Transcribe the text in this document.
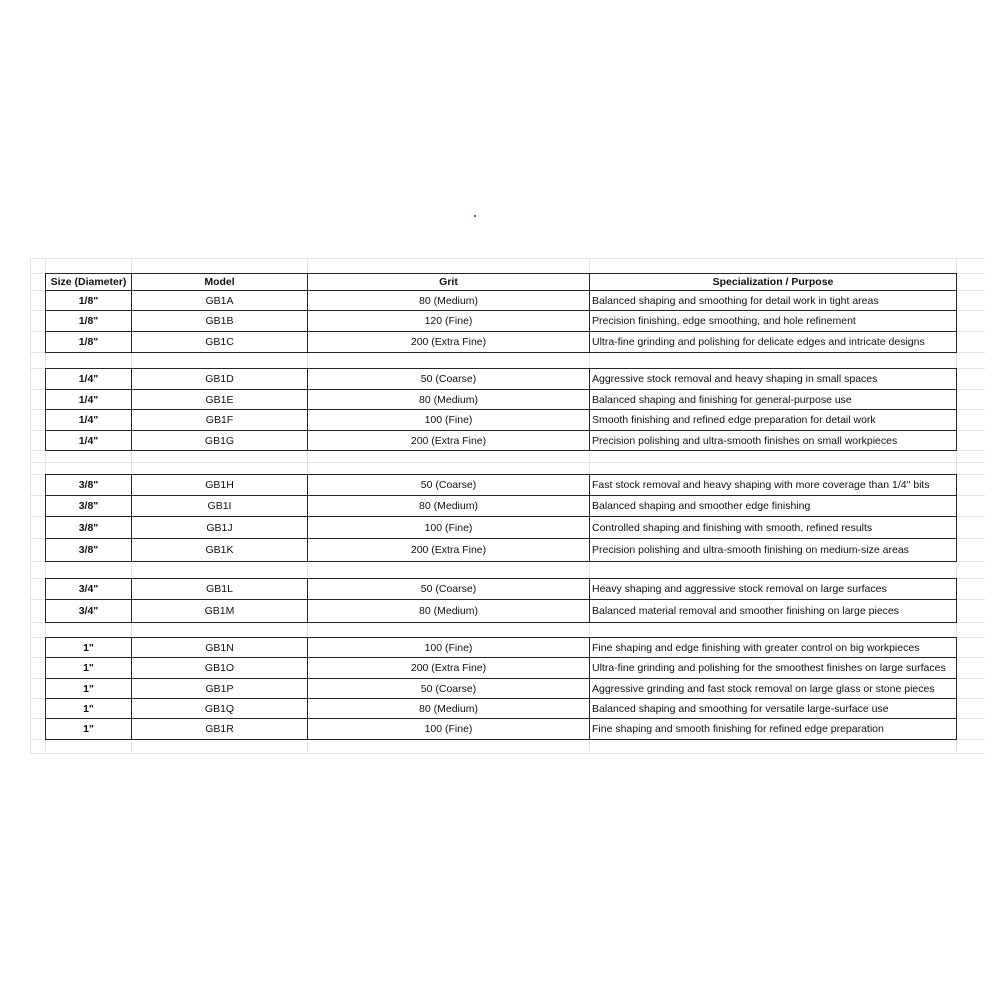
Size (Diameter)	Model	Grit	Specialization / Purpose
1/8"	GB1A	80 (Medium)	Balanced shaping and smoothing for detail work in tight areas
1/8"	GB1B	120 (Fine)	Precision finishing, edge smoothing, and hole refinement
1/8"	GB1C	200 (Extra Fine)	Ultra-fine grinding and polishing for delicate edges and intricate designs
1/4"	GB1D	50 (Coarse)	Aggressive stock removal and heavy shaping in small spaces
1/4"	GB1E	80 (Medium)	Balanced shaping and finishing for general-purpose use
1/4"	GB1F	100 (Fine)	Smooth finishing and refined edge preparation for detail work
1/4"	GB1G	200 (Extra Fine)	Precision polishing and ultra-smooth finishes on small workpieces
3/8"	GB1H	50 (Coarse)	Fast stock removal and heavy shaping with more coverage than 1/4" bits
3/8"	GB1I	80 (Medium)	Balanced shaping and smoother edge finishing
3/8"	GB1J	100 (Fine)	Controlled shaping and finishing with smooth, refined results
3/8"	GB1K	200 (Extra Fine)	Precision polishing and ultra-smooth finishing on medium-size areas
3/4"	GB1L	50 (Coarse)	Heavy shaping and aggressive stock removal on large surfaces
3/4"	GB1M	80 (Medium)	Balanced material removal and smoother finishing on large pieces
1"	GB1N	100 (Fine)	Fine shaping and edge finishing with greater control on big workpieces
1"	GB1O	200 (Extra Fine)	Ultra-fine grinding and polishing for the smoothest finishes on large surfaces
1"	GB1P	50 (Coarse)	Aggressive grinding and fast stock removal on large glass or stone pieces
1"	GB1Q	80 (Medium)	Balanced shaping and smoothing for versatile large-surface use
1"	GB1R	100 (Fine)	Fine shaping and smooth finishing for refined edge preparation
